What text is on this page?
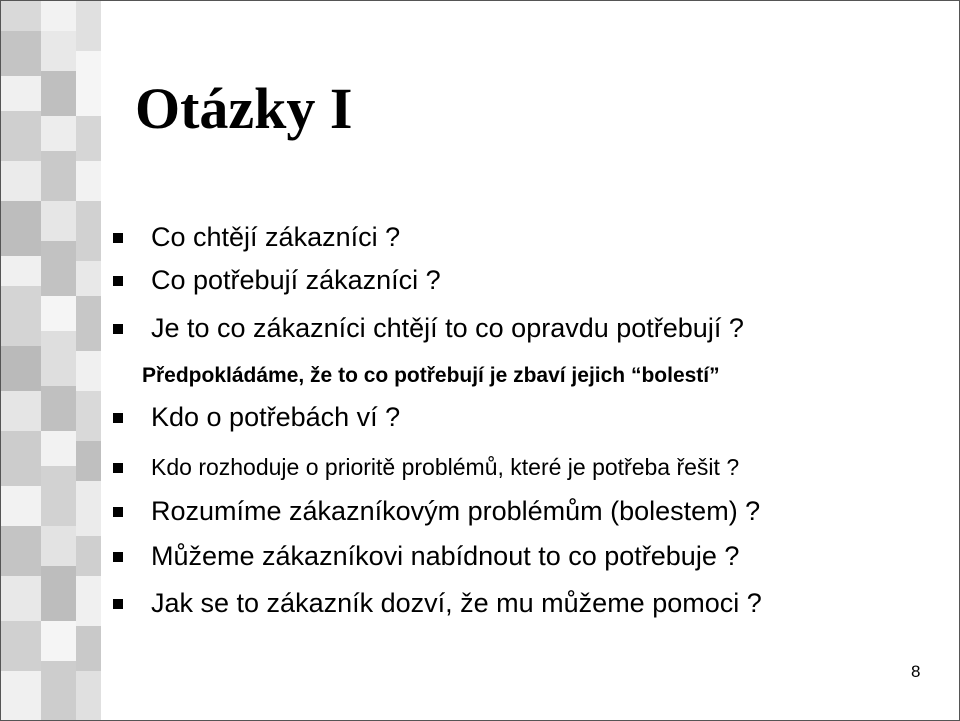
Otázky I
Co chtějí zákazníci ?
Co potřebují zákazníci ?
Je to co zákazníci chtějí to co opravdu potřebují ?
Kdo o potřebách ví ?
Kdo rozhoduje o prioritě problémů, které je potřeba řešit ?
Rozumíme zákazníkovým problémům (bolestem) ?
Můžeme zákazníkovi nabídnout to co potřebuje ?
Jak se to zákazník dozví, že mu můžeme pomoci ?
Předpokládáme, že to co potřebují je zbaví jejich “bolestí”
8
